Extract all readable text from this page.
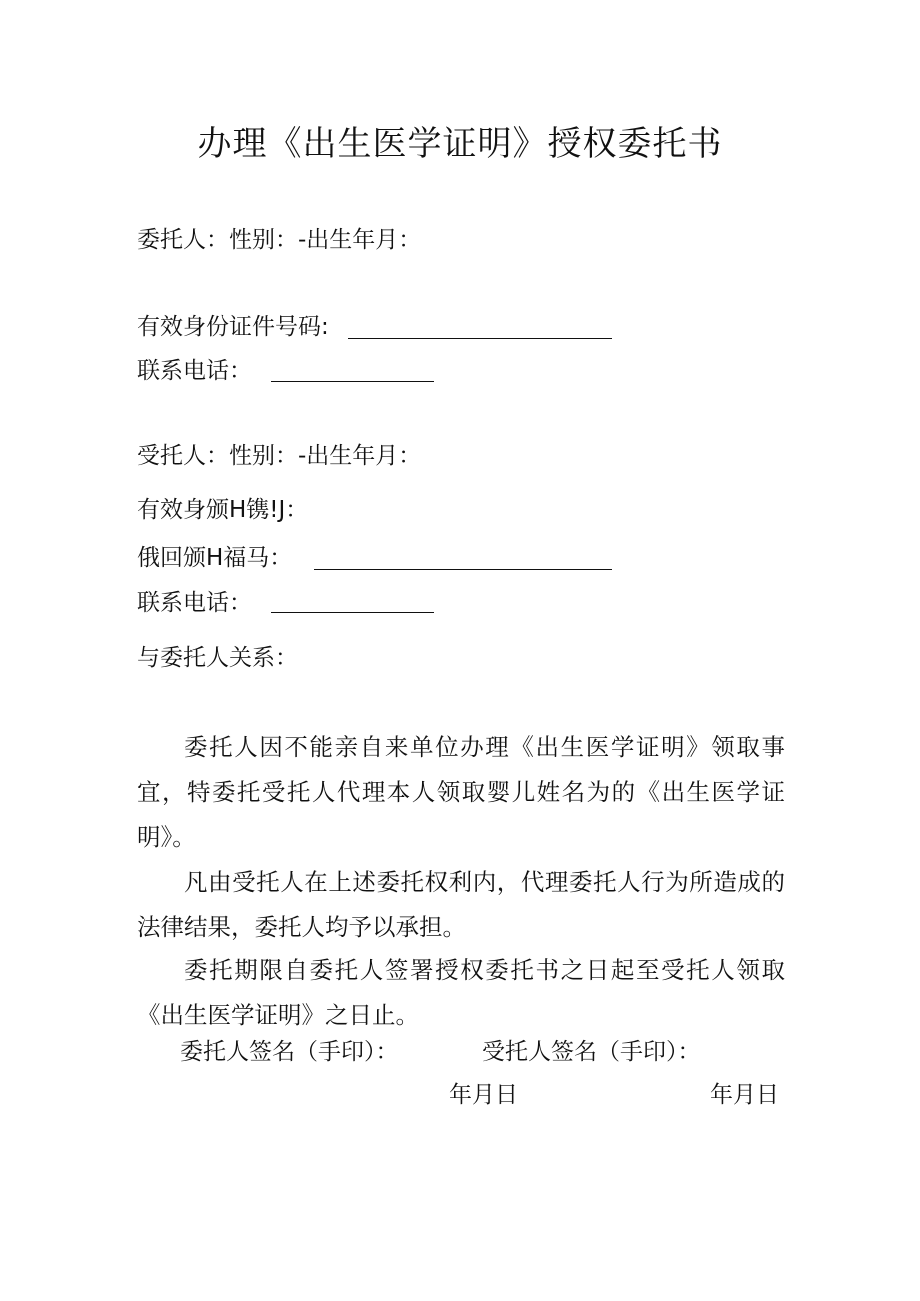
办理《出生医学证明》授权委托书
委托人：性别：-出生年月：
有效身份证件号码:
联系电话：
受托人：性别：-出生年月：
有效身颁H镌!J：
俄回颁H福马：
联系电话：
与委托人关系：
委托人因不能亲自来单位办理《出生医学证明》领取事宜，特委托受托人代理本人领取婴儿姓名为的《出生医学证明》。
凡由受托人在上述委托权利内，代理委托人行为所造成的法律结果，委托人均予以承担。
委托期限自委托人签署授权委托书之日起至受托人领取《出生医学证明》之日止。
委托人签名（手印）：	受托人签名（手印）：
年月日	年月日
